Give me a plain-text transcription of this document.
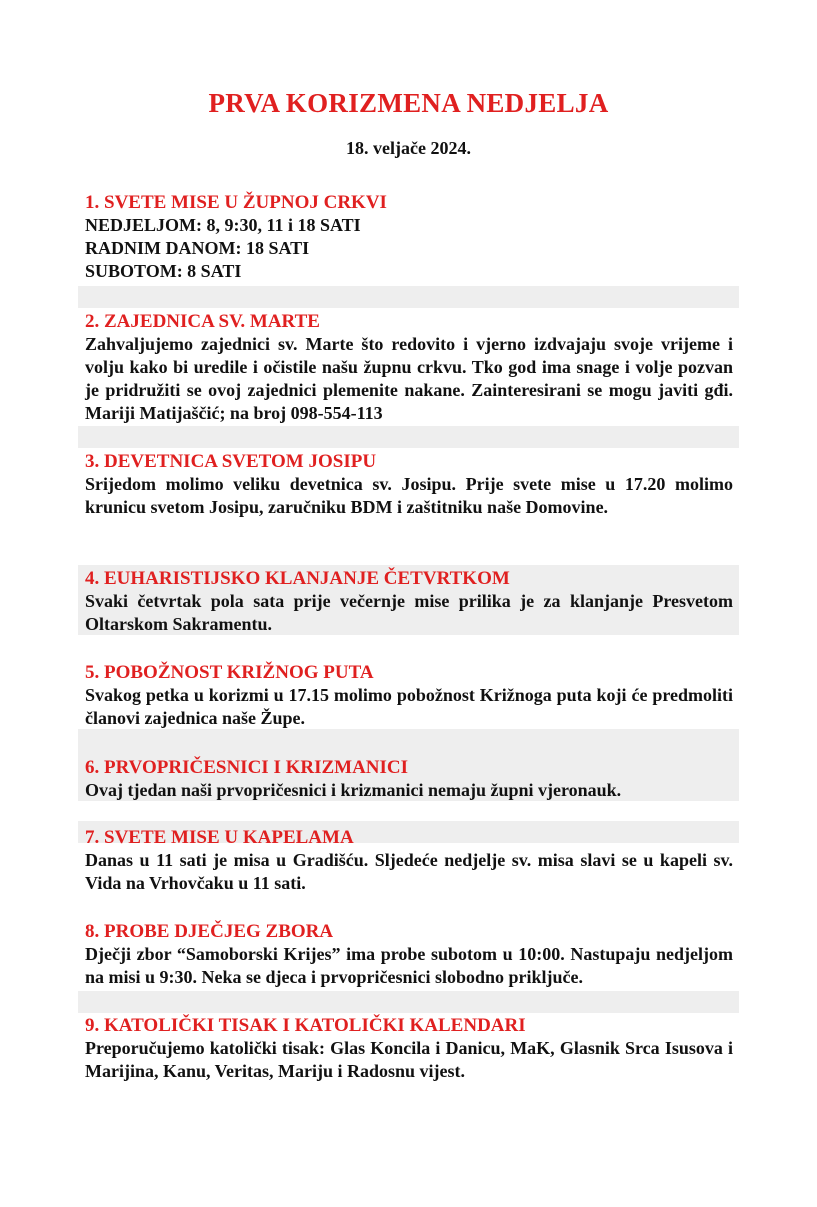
PRVA KORIZMENA NEDJELJA
18. veljače 2024.
1. SVETE MISE U ŽUPNOJ CRKVI
NEDJELJOM: 8, 9:30, 11 i 18 SATI
RADNIM DANOM: 18 SATI
SUBOTOM: 8 SATI
2. ZAJEDNICA SV. MARTE
Zahvaljujemo zajednici sv. Marte što redovito i vjerno izdvajaju svoje vrijeme i volju kako bi uredile i očistile našu župnu crkvu. Tko god ima snage i volje pozvan je pridružiti se ovoj zajednici plemenite nakane. Zainteresirani se mogu javiti gđi. Mariji Matijaščić; na broj 098-554-113
3. DEVETNICA SVETOM JOSIPU
Srijedom molimo veliku devetnica sv. Josipu. Prije svete mise u 17.20 molimo krunicu svetom Josipu, zaručniku BDM i zaštitniku naše Domovine.
4. EUHARISTIJSKO KLANJANJE ČETVRTKOM
Svaki četvrtak pola sata prije večernje mise prilika je za klanjanje Presvetom Oltarskom Sakramentu.
5. POBOŽNOST KRIŽNOG PUTA
Svakog petka u korizmi u 17.15 molimo pobožnost Križnoga puta koji će predmoliti članovi zajednica naše Župe.
6. PRVOPRIČESNICI I KRIZMANICI
Ovaj tjedan naši prvopričesnici i krizmanici nemaju župni vjeronauk.
7. SVETE MISE U KAPELAMA
Danas u 11 sati je misa u Gradišću. Sljedeće nedjelje sv. misa slavi se u kapeli sv. Vida na Vrhovčaku u 11 sati.
8. PROBE DJEČJEG ZBORA
Dječji zbor “Samoborski Krijes” ima probe subotom u 10:00. Nastupaju nedjeljom na misi u 9:30. Neka se djeca i prvopričesnici slobodno priključe.
9. KATOLIČKI TISAK I KATOLIČKI KALENDARI
Preporučujemo katolički tisak: Glas Koncila i Danicu, MaK, Glasnik Srca Isusova i Marijina, Kanu, Veritas, Mariju i Radosnu vijest.
